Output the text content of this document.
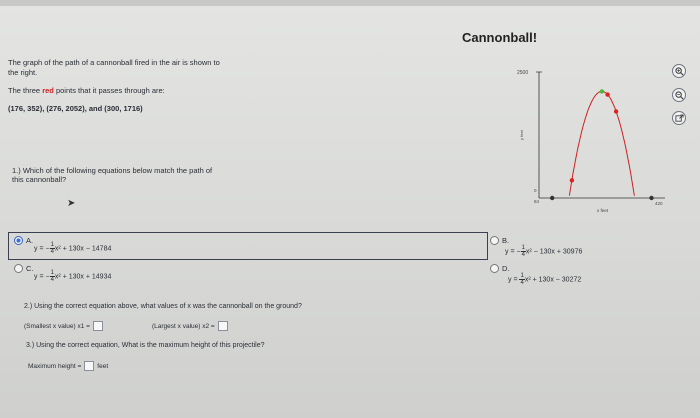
Cannonball!
The graph of the path of a cannonball fired in the air is shown to the right.
The three red points that it passes through are:
(176, 352), (276, 2052), and (300, 1716)
1.) Which of the following equations below match the path of this cannonball?
➤
2500
y feet
0
84	420
x feet
A.
y = − $\frac{1}{4} x^2 + 130x - 14784$
B.
y = − $\frac{1}{4} x^2 - 130x + 30976$
C.
y = − $\frac{1}{4} x^2 + 130x + 14934$
D.
$y = \frac{1}{4} x^2 + 130x - 30272$
2.) Using the correct equation above, what values of x was the cannonball on the ground?
(Smallest x value) x1 =	(Largest x value) x2 =
3.) Using the correct equation, What is the maximum height of this projectile?
Maximum height = feet
